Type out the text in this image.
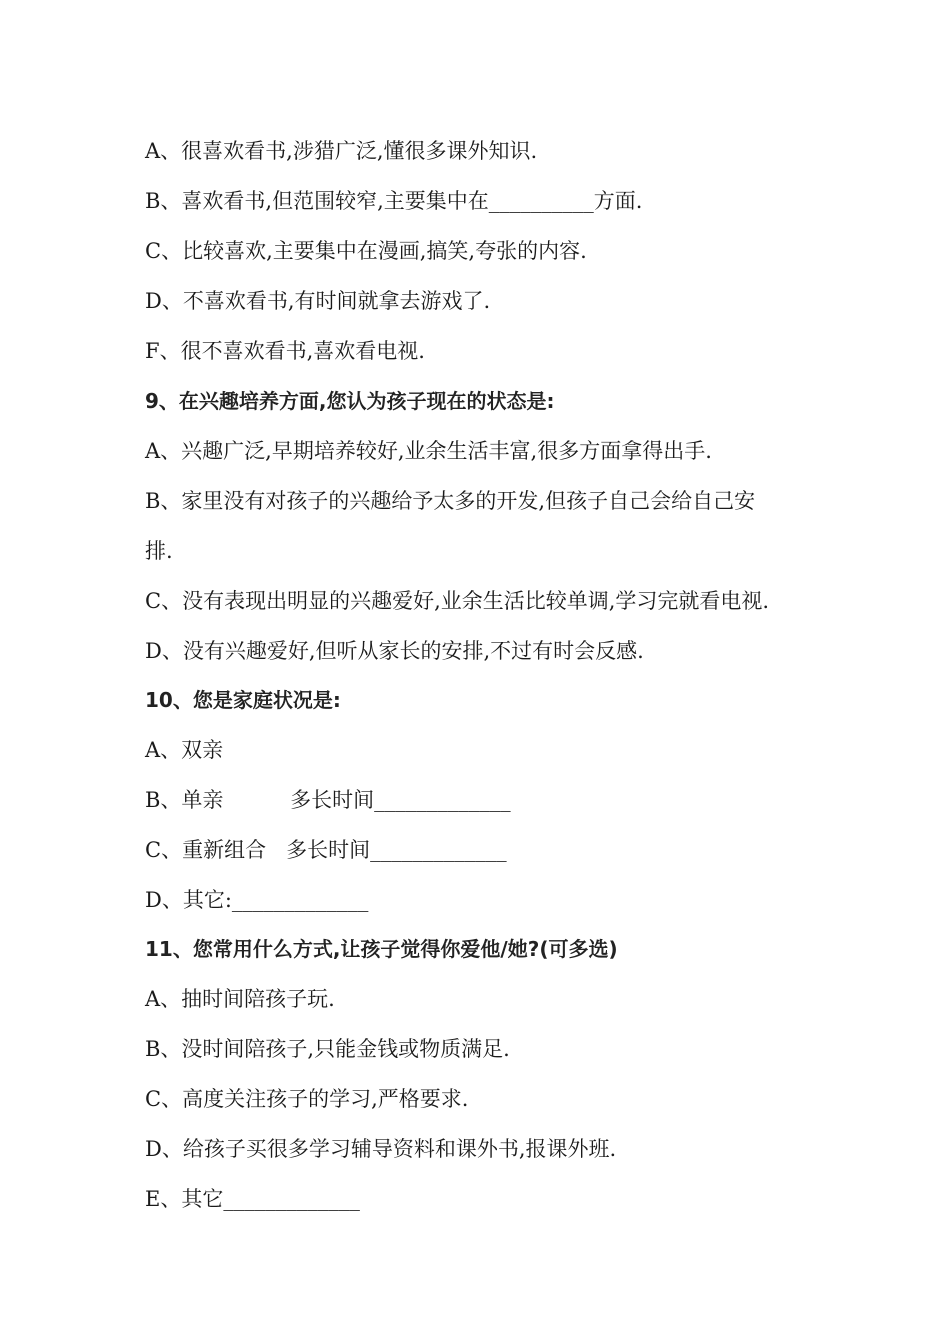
A、很喜欢看书,涉猎广泛,懂很多课外知识.
B、喜欢看书,但范围较窄,主要集中在__________方面.
C、比较喜欢,主要集中在漫画,搞笑,夸张的内容.
D、不喜欢看书,有时间就拿去游戏了.
F、很不喜欢看书,喜欢看电视.
9、在兴趣培养方面,您认为孩子现在的状态是:
A、兴趣广泛,早期培养较好,业余生活丰富,很多方面拿得出手.
B、家里没有对孩子的兴趣给予太多的开发,但孩子自己会给自己安
排.
C、没有表现出明显的兴趣爱好,业余生活比较单调,学习完就看电视.
D、没有兴趣爱好,但听从家长的安排,不过有时会反感.
10、您是家庭状况是:
A、双亲
B、单亲          多长时间_____________
C、重新组合   多长时间_____________
D、其它:_____________
11、您常用什么方式,让孩子觉得你爱他/她?(可多选)
A、抽时间陪孩子玩.
B、没时间陪孩子,只能金钱或物质满足.
C、高度关注孩子的学习,严格要求.
D、给孩子买很多学习辅导资料和课外书,报课外班.
E、其它_____________
